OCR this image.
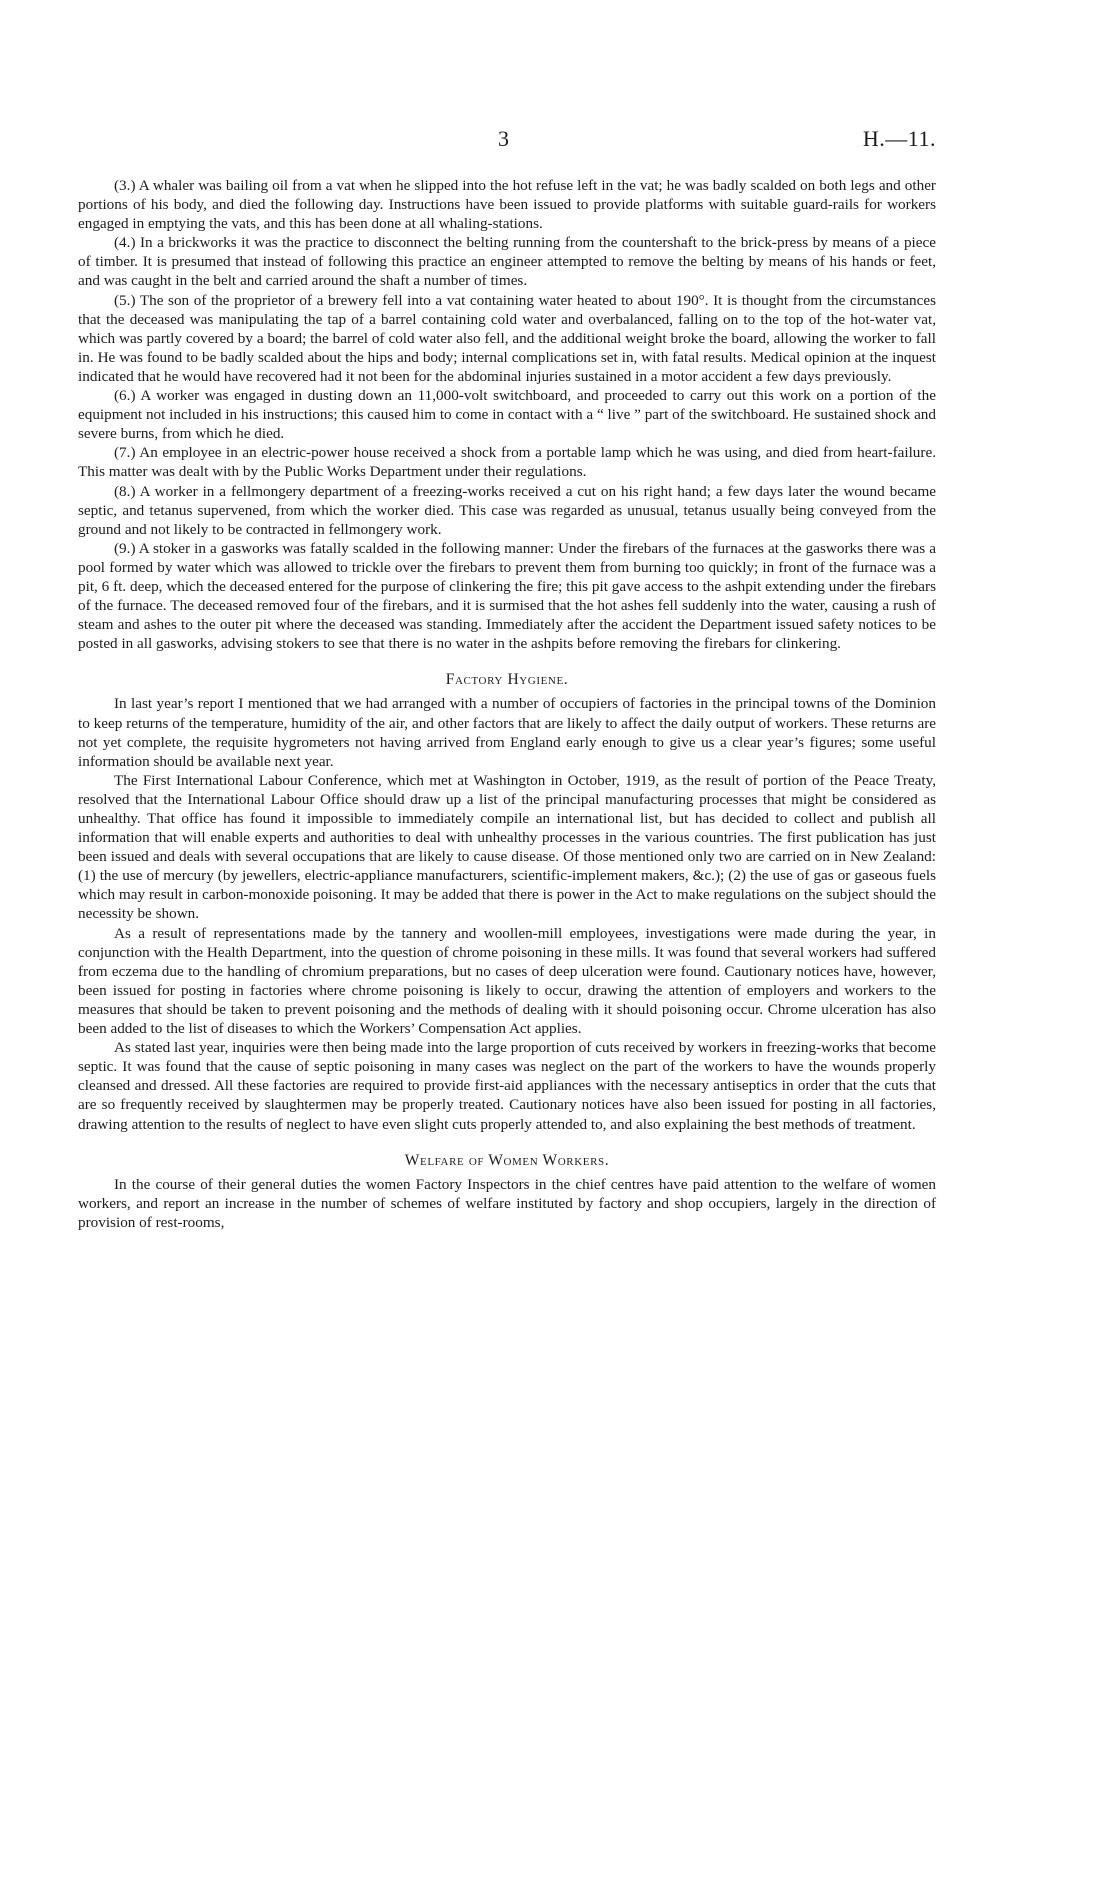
3	H.—11.

(3.) A whaler was bailing oil from a vat when he slipped into the hot refuse left in the vat; he was badly scalded on both legs and other portions of his body, and died the following day. Instructions have been issued to provide platforms with suitable guard-rails for workers engaged in emptying the vats, and this has been done at all whaling-stations.

(4.) In a brickworks it was the practice to disconnect the belting running from the countershaft to the brick-press by means of a piece of timber. It is presumed that instead of following this practice an engineer attempted to remove the belting by means of his hands or feet, and was caught in the belt and carried around the shaft a number of times.

(5.) The son of the proprietor of a brewery fell into a vat containing water heated to about 190°. It is thought from the circumstances that the deceased was manipulating the tap of a barrel containing cold water and overbalanced, falling on to the top of the hot-water vat, which was partly covered by a board; the barrel of cold water also fell, and the additional weight broke the board, allowing the worker to fall in. He was found to be badly scalded about the hips and body; internal complications set in, with fatal results. Medical opinion at the inquest indicated that he would have recovered had it not been for the abdominal injuries sustained in a motor accident a few days previously.

(6.) A worker was engaged in dusting down an 11,000-volt switchboard, and proceeded to carry out this work on a portion of the equipment not included in his instructions; this caused him to come in contact with a “ live ” part of the switchboard. He sustained shock and severe burns, from which he died.

(7.) An employee in an electric-power house received a shock from a portable lamp which he was using, and died from heart-failure. This matter was dealt with by the Public Works Department under their regulations.

(8.) A worker in a fellmongery department of a freezing-works received a cut on his right hand; a few days later the wound became septic, and tetanus supervened, from which the worker died. This case was regarded as unusual, tetanus usually being conveyed from the ground and not likely to be contracted in fellmongery work.

(9.) A stoker in a gasworks was fatally scalded in the following manner: Under the firebars of the furnaces at the gasworks there was a pool formed by water which was allowed to trickle over the firebars to prevent them from burning too quickly; in front of the furnace was a pit, 6 ft. deep, which the deceased entered for the purpose of clinkering the fire; this pit gave access to the ashpit extending under the firebars of the furnace. The deceased removed four of the firebars, and it is surmised that the hot ashes fell suddenly into the water, causing a rush of steam and ashes to the outer pit where the deceased was standing. Immediately after the accident the Department issued safety notices to be posted in all gasworks, advising stokers to see that there is no water in the ashpits before removing the firebars for clinkering.

Factory Hygiene.

In last year’s report I mentioned that we had arranged with a number of occupiers of factories in the principal towns of the Dominion to keep returns of the temperature, humidity of the air, and other factors that are likely to affect the daily output of workers. These returns are not yet complete, the requisite hygrometers not having arrived from England early enough to give us a clear year’s figures; some useful information should be available next year.

The First International Labour Conference, which met at Washington in October, 1919, as the result of portion of the Peace Treaty, resolved that the International Labour Office should draw up a list of the principal manufacturing processes that might be considered as unhealthy. That office has found it impossible to immediately compile an international list, but has decided to collect and publish all information that will enable experts and authorities to deal with unhealthy processes in the various countries. The first publication has just been issued and deals with several occupations that are likely to cause disease. Of those mentioned only two are carried on in New Zealand: (1) the use of mercury (by jewellers, electric-appliance manufacturers, scientific-implement makers, &c.); (2) the use of gas or gaseous fuels which may result in carbon-monoxide poisoning. It may be added that there is power in the Act to make regulations on the subject should the necessity be shown.

As a result of representations made by the tannery and woollen-mill employees, investigations were made during the year, in conjunction with the Health Department, into the question of chrome poisoning in these mills. It was found that several workers had suffered from eczema due to the handling of chromium preparations, but no cases of deep ulceration were found. Cautionary notices have, however, been issued for posting in factories where chrome poisoning is likely to occur, drawing the attention of employers and workers to the measures that should be taken to prevent poisoning and the methods of dealing with it should poisoning occur. Chrome ulceration has also been added to the list of diseases to which the Workers’ Compensation Act applies.

As stated last year, inquiries were then being made into the large proportion of cuts received by workers in freezing-works that become septic. It was found that the cause of septic poisoning in many cases was neglect on the part of the workers to have the wounds properly cleansed and dressed. All these factories are required to provide first-aid appliances with the necessary antiseptics in order that the cuts that are so frequently received by slaughtermen may be properly treated. Cautionary notices have also been issued for posting in all factories, drawing attention to the results of neglect to have even slight cuts properly attended to, and also explaining the best methods of treatment.

Welfare of Women Workers.

In the course of their general duties the women Factory Inspectors in the chief centres have paid attention to the welfare of women workers, and report an increase in the number of schemes of welfare instituted by factory and shop occupiers, largely in the direction of provision of rest-rooms,
